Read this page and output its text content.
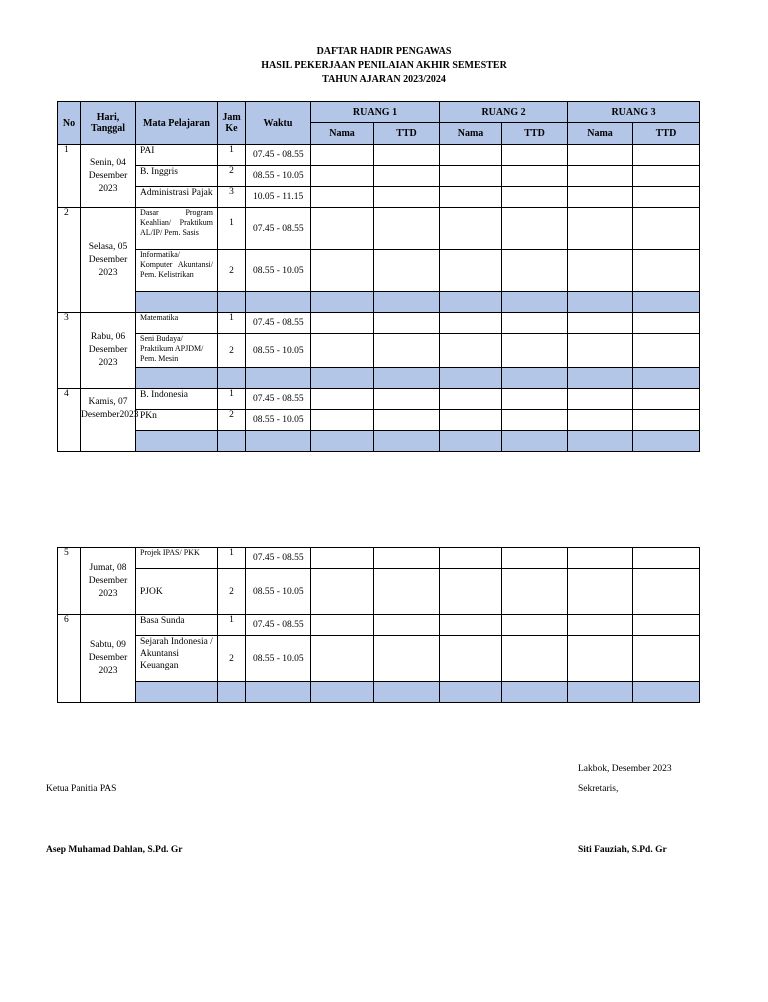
DAFTAR HADIR PENGAWAS
HASIL PEKERJAAN PENILAIAN AKHIR SEMESTER
TAHUN AJARAN 2023/2024
No	Hari, Tanggal	Mata Pelajaran	Jam Ke	Waktu	RUANG 1		RUANG 2		RUANG 3	
					Nama	TTD	Nama	TTD	Nama	TTD
1	Senin, 04 Desember 2023	PAI	1	07.45 - 08.55						
		B. Inggris	2	08.55 - 10.05						
		Administrasi Pajak	3	10.05 - 11.15						
2	Selasa, 05 Desember 2023	Dasar Program Keahlian/ Praktikum AL/IP/ Pem. Sasis	1	07.45 - 08.55						
		Informatika/ Komputer Akuntansi/ Pem. Kelistrikan	2	08.55 - 10.05						

3	Rabu, 06 Desember 2023	Matematika	1	07.45 - 08.55						
		Seni Budaya/ Praktikum APJDM/ Pem. Mesin	2	08.55 - 10.05						

4	Kamis, 07 Desember2023	B. Indonesia	1	07.45 - 08.55						
		PKn	2	08.55 - 10.05						

5	Jumat, 08 Desember 2023	Projek IPAS/ PKK	1	07.45 - 08.55						
		PJOK	2	08.55 - 10.05						
6	Sabtu, 09 Desember 2023	Basa Sunda	1	07.45 - 08.55						
		Sejarah Indonesia / Akuntansi Keuangan	2	08.55 - 10.05						

Lakbok, Desember 2023
Ketua Panitia PAS	Sekretaris,
Asep Muhamad Dahlan, S.Pd. Gr	Siti Fauziah, S.Pd. Gr
